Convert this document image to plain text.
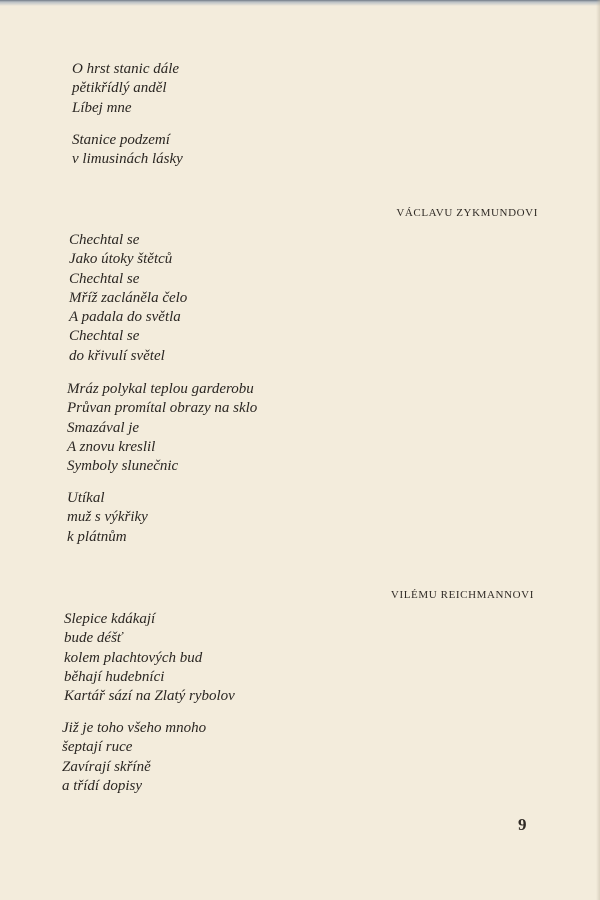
O hrst stanic dále
pětikřídlý anděl
Líbej mne
Stanice podzemí
v limusinách lásky
VÁCLAVU ZYKMUNDOVI
Chechtal se
Jako útoky štětců
Chechtal se
Mříž zacláněla čelo
A padala do světla
Chechtal se
do křivulí světel
Mráz polykal teplou garderobu
Průvan promítal obrazy na sklo
Smazával je
A znovu kreslil
Symboly slunečnic
Utíkal
muž s výkřiky
k plátnům
VILÉMU REICHMANNOVI
Slepice kdákají
bude déšť
kolem plachtových bud
běhají hudebníci
Kartář sází na Zlatý rybolov
Již je toho všeho mnoho
šeptají ruce
Zavírají skříně
a třídí dopisy
9
